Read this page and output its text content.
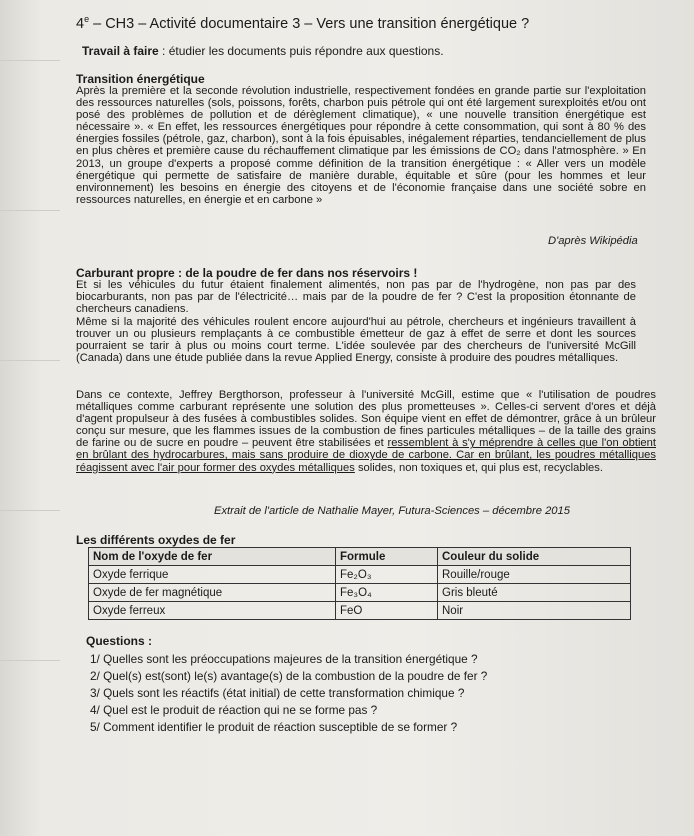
4e – CH3 – Activité documentaire 3 – Vers une transition énergétique ?
Travail à faire : étudier les documents puis répondre aux questions.
Transition énergétique
Après la première et la seconde révolution industrielle, respectivement fondées en grande partie sur l'exploitation des ressources naturelles (sols, poissons, forêts, charbon puis pétrole qui ont été largement surexploités et/ou ont posé des problèmes de pollution et de dérèglement climatique), « une nouvelle transition énergétique est nécessaire ». « En effet, les ressources énergétiques pour répondre à cette consommation, qui sont à 80 % des énergies fossiles (pétrole, gaz, charbon), sont à la fois épuisables, inégalement réparties, tendanciellement de plus en plus chères et première cause du réchauffement climatique par les émissions de CO₂ dans l'atmosphère. » En 2013, un groupe d'experts a proposé comme définition de la transition énergétique : « Aller vers un modèle énergétique qui permette de satisfaire de manière durable, équitable et sûre (pour les hommes et leur environnement) les besoins en énergie des citoyens et de l'économie française dans une société sobre en ressources naturelles, en énergie et en carbone »
D'après Wikipédia
Carburant propre : de la poudre de fer dans nos réservoirs !
Et si les véhicules du futur étaient finalement alimentés, non pas par de l'hydrogène, non pas par des biocarburants, non pas par de l'électricité… mais par de la poudre de fer ? C'est la proposition étonnante de chercheurs canadiens.
Même si la majorité des véhicules roulent encore aujourd'hui au pétrole, chercheurs et ingénieurs travaillent à trouver un ou plusieurs remplaçants à ce combustible émetteur de gaz à effet de serre et dont les sources pourraient se tarir à plus ou moins court terme. L'idée soulevée par des chercheurs de l'université McGill (Canada) dans une étude publiée dans la revue Applied Energy, consiste à produire des poudres métalliques.
Dans ce contexte, Jeffrey Bergthorson, professeur à l'université McGill, estime que « l'utilisation de poudres métalliques comme carburant représente une solution des plus prometteuses ». Celles-ci servent d'ores et déjà d'agent propulseur à des fusées à combustibles solides. Son équipe vient en effet de démontrer, grâce à un brûleur conçu sur mesure, que les flammes issues de la combustion de fines particules métalliques – de la taille des grains de farine ou de sucre en poudre – peuvent être stabilisées et ressemblent à s'y méprendre à celles que l'on obtient en brûlant des hydrocarbures, mais sans produire de dioxyde de carbone. Car en brûlant, les poudres métalliques réagissent avec l'air pour former des oxydes métalliques solides, non toxiques et, qui plus est, recyclables.
Extrait de l'article de Nathalie Mayer, Futura-Sciences – décembre 2015
Les différents oxydes de fer
Nom de l'oxyde de fer	Formule	Couleur du solide
Oxyde ferrique	Fe₂O₃	Rouille/rouge
Oxyde de fer magnétique	Fe₃O₄	Gris bleuté
Oxyde ferreux	FeO	Noir
Questions :
1/ Quelles sont les préoccupations majeures de la transition énergétique ?
2/ Quel(s) est(sont) le(s) avantage(s) de la combustion de la poudre de fer ?
3/ Quels sont les réactifs (état initial) de cette transformation chimique ?
4/ Quel est le produit de réaction qui ne se forme pas ?
5/ Comment identifier le produit de réaction susceptible de se former ?
